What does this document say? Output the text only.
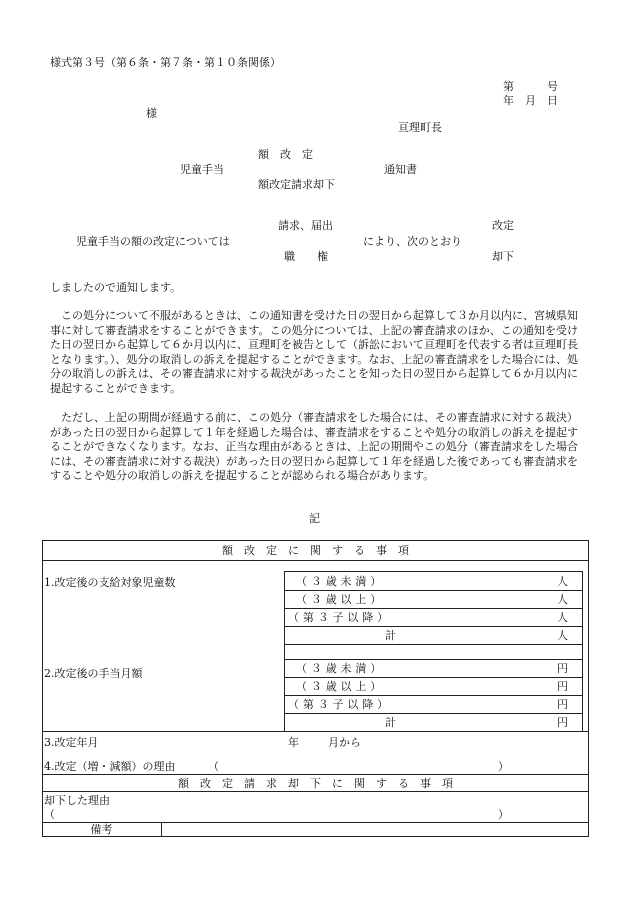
様式第３号（第６条・第７条・第１０条関係）
第　　　号
年　月　日
様
亘理町長
額　改　定
児童手当	通知書
額改定請求却下
請求、届出	改定
児童手当の額の改定については	により、次のとおり
職　　権	却下
しましたので通知します。
この処分について不服があるときは、この通知書を受けた日の翌日から起算して３か月以内に、宮城県知事に対して審査請求をすることができます。この処分については、上記の審査請求のほか、この通知を受けた日の翌日から起算して６か月以内に、亘理町を被告として（訴訟において亘理町を代表する者は亘理町長となります。）、処分の取消しの訴えを提起することができます。なお、上記の審査請求をした場合には、処分の取消しの訴えは、その審査請求に対する裁決があったことを知った日の翌日から起算して６か月以内に提起することができます。
ただし、上記の期間が経過する前に、この処分（審査請求をした場合には、その審査請求に対する裁決）があった日の翌日から起算して１年を経過した場合は、審査請求をすることや処分の取消しの訴えを提起することができなくなります。なお、正当な理由があるときは、上記の期間やこの処分（審査請求をした場合には、その審査請求に対する裁決）があった日の翌日から起算して１年を経過した後であっても審査請求をすることや処分の取消しの訴えを提起することが認められる場合があります。
記
額　改　定　に　関　す　る　事　項
1.改定後の支給対象児童数	（３歳未満）	人
（３歳以上）	人
（第３子以降）	人
計	人
2.改定後の手当月額	（３歳未満）	円
（３歳以上）	円
（第３子以降）	円
計	円
3.改定年月	年	月から
4.改定（増・減額）の理由	（	）
額　改　定　請　求　却　下　に　関　す　る　事　項
却下した理由
（	）
備考
